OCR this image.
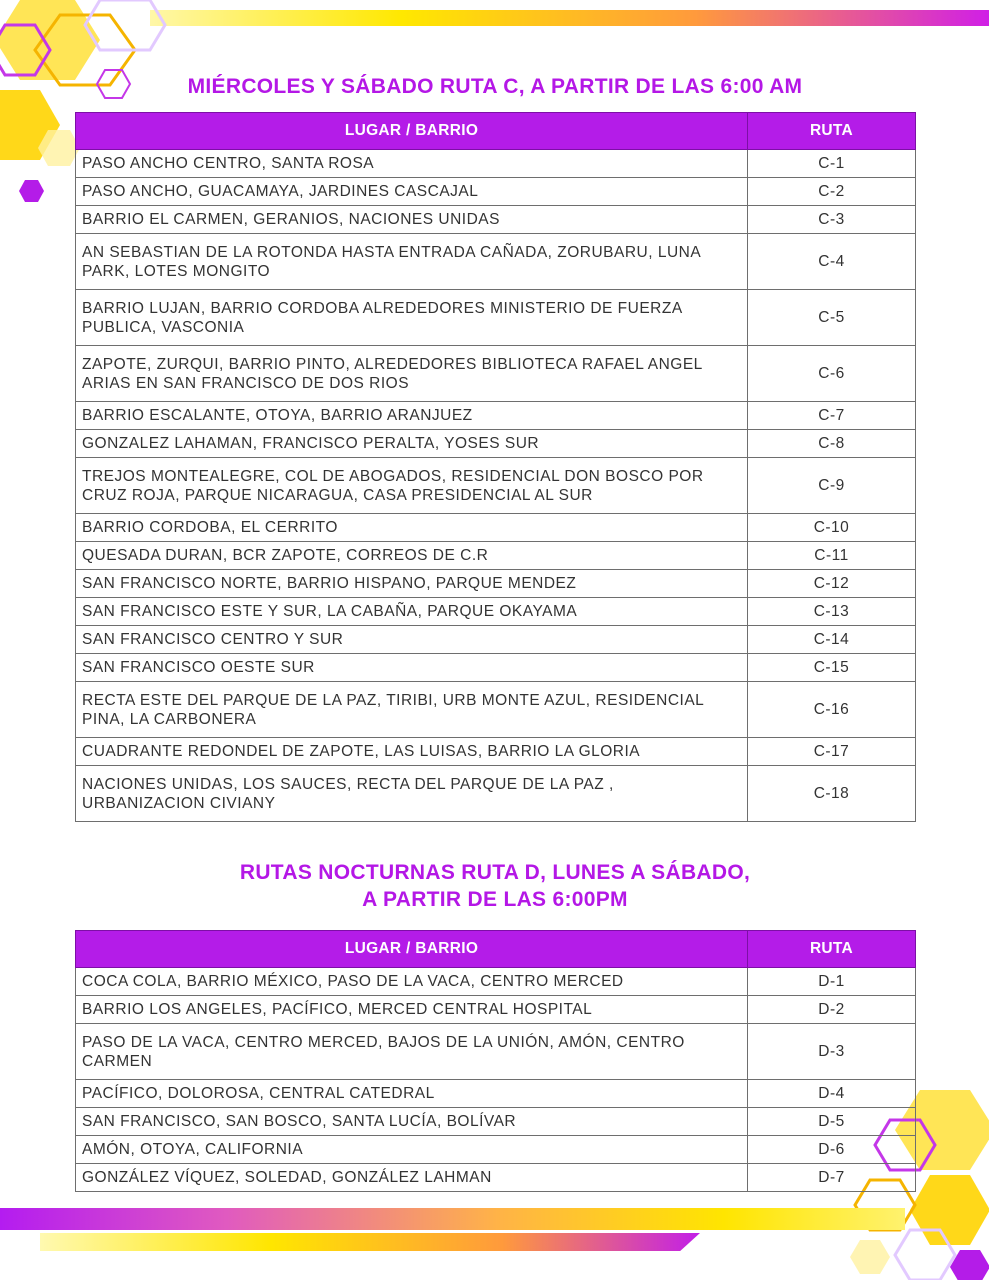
MIÉRCOLES Y SÁBADO RUTA C, A PARTIR DE LAS 6:00 AM
LUGAR / BARRIO	RUTA
PASO ANCHO CENTRO, SANTA ROSA	C-1
PASO ANCHO, GUACAMAYA, JARDINES CASCAJAL	C-2
BARRIO EL CARMEN, GERANIOS, NACIONES UNIDAS	C-3
AN SEBASTIAN DE LA ROTONDA HASTA ENTRADA CAÑADA, ZORUBARU, LUNA PARK, LOTES MONGITO	C-4
BARRIO LUJAN, BARRIO CORDOBA ALREDEDORES MINISTERIO DE FUERZA PUBLICA, VASCONIA	C-5
ZAPOTE, ZURQUI, BARRIO PINTO, ALREDEDORES BIBLIOTECA RAFAEL ANGEL ARIAS EN SAN FRANCISCO DE DOS RIOS	C-6
BARRIO ESCALANTE, OTOYA, BARRIO ARANJUEZ	C-7
GONZALEZ LAHAMAN, FRANCISCO PERALTA, YOSES SUR	C-8
TREJOS MONTEALEGRE, COL DE ABOGADOS, RESIDENCIAL DON BOSCO POR CRUZ ROJA, PARQUE NICARAGUA, CASA PRESIDENCIAL AL SUR	C-9
BARRIO CORDOBA, EL CERRITO	C-10
QUESADA DURAN, BCR ZAPOTE, CORREOS DE C.R	C-11
SAN FRANCISCO NORTE, BARRIO HISPANO, PARQUE MENDEZ	C-12
SAN FRANCISCO ESTE Y SUR, LA CABAÑA, PARQUE OKAYAMA	C-13
SAN FRANCISCO CENTRO Y SUR	C-14
SAN FRANCISCO OESTE SUR	C-15
RECTA ESTE DEL PARQUE DE LA PAZ, TIRIBI, URB MONTE AZUL, RESIDENCIAL PINA, LA CARBONERA	C-16
CUADRANTE REDONDEL DE ZAPOTE, LAS LUISAS, BARRIO LA GLORIA	C-17
NACIONES UNIDAS, LOS SAUCES, RECTA DEL PARQUE DE LA PAZ , URBANIZACION CIVIANY	C-18
RUTAS NOCTURNAS RUTA D, LUNES A SÁBADO,
A PARTIR DE LAS 6:00PM
LUGAR / BARRIO	RUTA
COCA COLA, BARRIO MÉXICO, PASO DE LA VACA, CENTRO MERCED	D-1
BARRIO LOS ANGELES, PACÍFICO, MERCED CENTRAL HOSPITAL	D-2
PASO DE LA VACA, CENTRO MERCED, BAJOS DE LA UNIÓN, AMÓN, CENTRO CARMEN	D-3
PACÍFICO, DOLOROSA, CENTRAL CATEDRAL	D-4
SAN FRANCISCO, SAN BOSCO, SANTA LUCÍA, BOLÍVAR	D-5
AMÓN, OTOYA, CALIFORNIA	D-6
GONZÁLEZ VÍQUEZ, SOLEDAD, GONZÁLEZ LAHMAN	D-7
